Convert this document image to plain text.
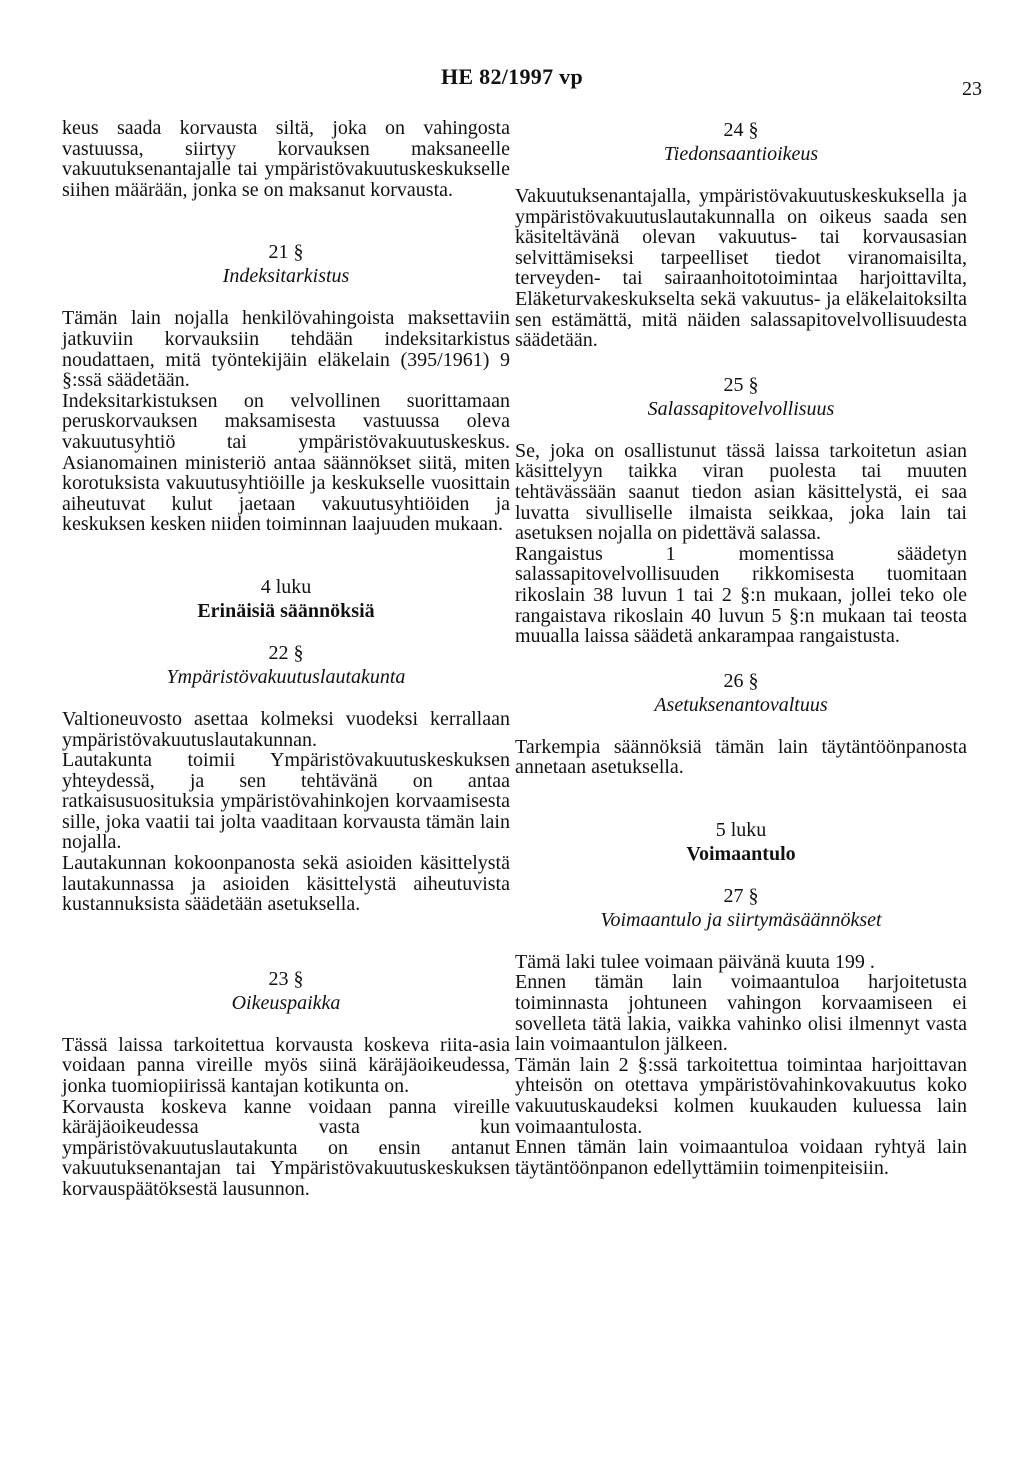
HE 82/1997 vp	23

keus saada korvausta siltä, joka on vahingosta vastuussa, siirtyy korvauksen maksaneelle vakuutuksenantajalle tai ympäristövakuutuskeskukselle siihen määrään, jonka se on maksanut korvausta.

21 §

Indeksitarkistus

Tämän lain nojalla henkilövahingoista maksettaviin jatkuviin korvauksiin tehdään indeksitarkistus noudattaen, mitä työntekijäin eläkelain (395/1961) 9 §:ssä säädetään.

Indeksitarkistuksen on velvollinen suorittamaan peruskorvauksen maksamisesta vastuussa oleva vakuutusyhtiö tai ympäristövakuutuskeskus. Asianomainen ministeriö antaa säännökset siitä, miten korotuksista vakuutusyhtiöille ja keskukselle vuosittain aiheutuvat kulut jaetaan vakuutusyhtiöiden ja keskuksen kesken niiden toiminnan laajuuden mukaan.

4 luku

Erinäisiä säännöksiä

22 §

Ympäristövakuutuslautakunta

Valtioneuvosto asettaa kolmeksi vuodeksi kerrallaan ympäristövakuutuslautakunnan.

Lautakunta toimii Ympäristövakuutuskeskuksen yhteydessä, ja sen tehtävänä on antaa ratkaisusuosituksia ympäristövahinkojen korvaamisesta sille, joka vaatii tai jolta vaaditaan korvausta tämän lain nojalla.

Lautakunnan kokoonpanosta sekä asioiden käsittelystä lautakunnassa ja asioiden käsittelystä aiheutuvista kustannuksista säädetään asetuksella.

23 §

Oikeuspaikka

Tässä laissa tarkoitettua korvausta koskeva riita-asia voidaan panna vireille myös siinä käräjäoikeudessa, jonka tuomiopiirissä kantajan kotikunta on.

Korvausta koskeva kanne voidaan panna vireille käräjäoikeudessa vasta kun ympäristövakuutuslautakunta on ensin antanut vakuutuksenantajan tai Ympäristövakuutuskeskuksen korvauspäätöksestä lausunnon.

24 §

Tiedonsaantioikeus

Vakuutuksenantajalla, ympäristövakuutuskeskuksella ja ympäristövakuutuslautakunnalla on oikeus saada sen käsiteltävänä olevan vakuutus- tai korvausasian selvittämiseksi tarpeelliset tiedot viranomaisilta, terveyden- tai sairaanhoitotoimintaa harjoittavilta, Eläketurvakeskukselta sekä vakuutus- ja eläkelaitoksilta sen estämättä, mitä näiden salassapitovelvollisuudesta säädetään.

25 §

Salassapitovelvollisuus

Se, joka on osallistunut tässä laissa tarkoitetun asian käsittelyyn taikka viran puolesta tai muuten tehtävässään saanut tiedon asian käsittelystä, ei saa luvatta sivulliselle ilmaista seikkaa, joka lain tai asetuksen nojalla on pidettävä salassa.

Rangaistus 1 momentissa säädetyn salassapitovelvollisuuden rikkomisesta tuomitaan rikoslain 38 luvun 1 tai 2 §:n mukaan, jollei teko ole rangaistava rikoslain 40 luvun 5 §:n mukaan tai teosta muualla laissa säädetä ankarampaa rangaistusta.

26 §

Asetuksenantovaltuus

Tarkempia säännöksiä tämän lain täytäntöönpanosta annetaan asetuksella.

5 luku

Voimaantulo

27 §

Voimaantulo ja siirtymäsäännökset

Tämä laki tulee voimaan päivänä kuuta 199 .

Ennen tämän lain voimaantuloa harjoitetusta toiminnasta johtuneen vahingon korvaamiseen ei sovelleta tätä lakia, vaikka vahinko olisi ilmennyt vasta lain voimaantulon jälkeen.

Tämän lain 2 §:ssä tarkoitettua toimintaa harjoittavan yhteisön on otettava ympäristövahinkovakuutus koko vakuutuskaudeksi kolmen kuukauden kuluessa lain voimaantulosta.

Ennen tämän lain voimaantuloa voidaan ryhtyä lain täytäntöönpanon edellyttämiin toimenpiteisiin.
